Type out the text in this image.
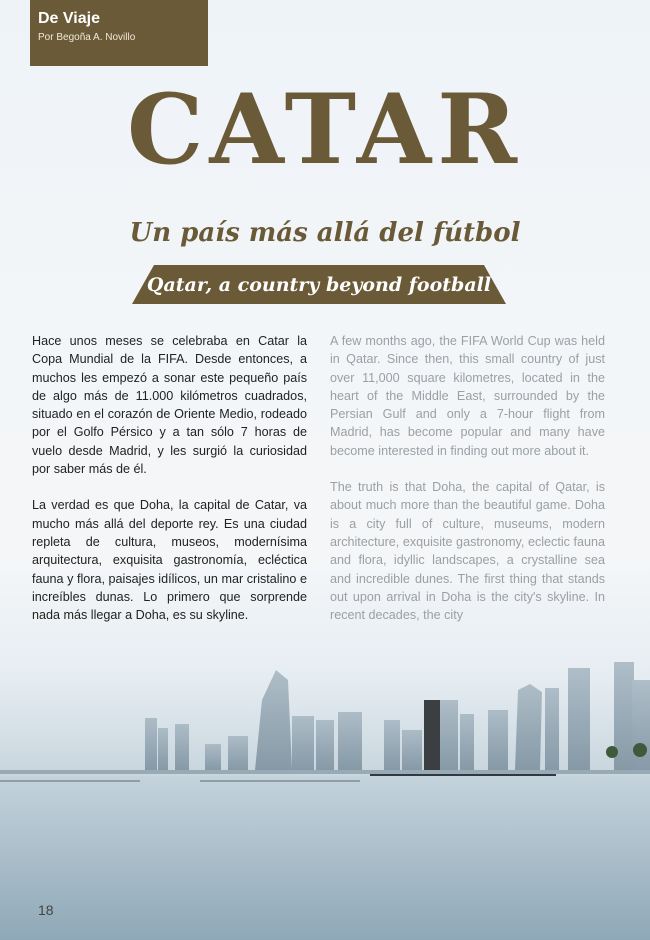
De Viaje
Por Begoña A. Novillo
CATAR
Un país más allá del fútbol
Qatar, a country beyond football

Hace unos meses se celebraba en Catar la Copa Mundial de la FIFA. Desde entonces, a muchos les empezó a sonar este pequeño país de algo más de 11.000 kilómetros cuadrados, situado en el corazón de Oriente Medio, rodeado por el Golfo Pérsico y a tan sólo 7 horas de vuelo desde Madrid, y les surgió la curiosidad por saber más de él.

La verdad es que Doha, la capital de Catar, va mucho más allá del deporte rey. Es una ciudad repleta de cultura, museos, modernísima arquitectura, exquisita gastronomía, ecléctica fauna y flora, paisajes idílicos, un mar cristalino e increíbles dunas. Lo primero que sorprende nada más llegar a Doha, es su skyline.

A few months ago, the FIFA World Cup was held in Qatar. Since then, this small country of just over 11,000 square kilometres, located in the heart of the Middle East, surrounded by the Persian Gulf and only a 7-hour flight from Madrid, has become popular and many have become interested in finding out more about it.

The truth is that Doha, the capital of Qatar, is about much more than the beautiful game. Doha is a city full of culture, museums, modern architecture, exquisite gastronomy, eclectic fauna and flora, idyllic landscapes, a crystalline sea and incredible dunes. The first thing that stands out upon arrival in Doha is the city's skyline. In recent decades, the city

18
